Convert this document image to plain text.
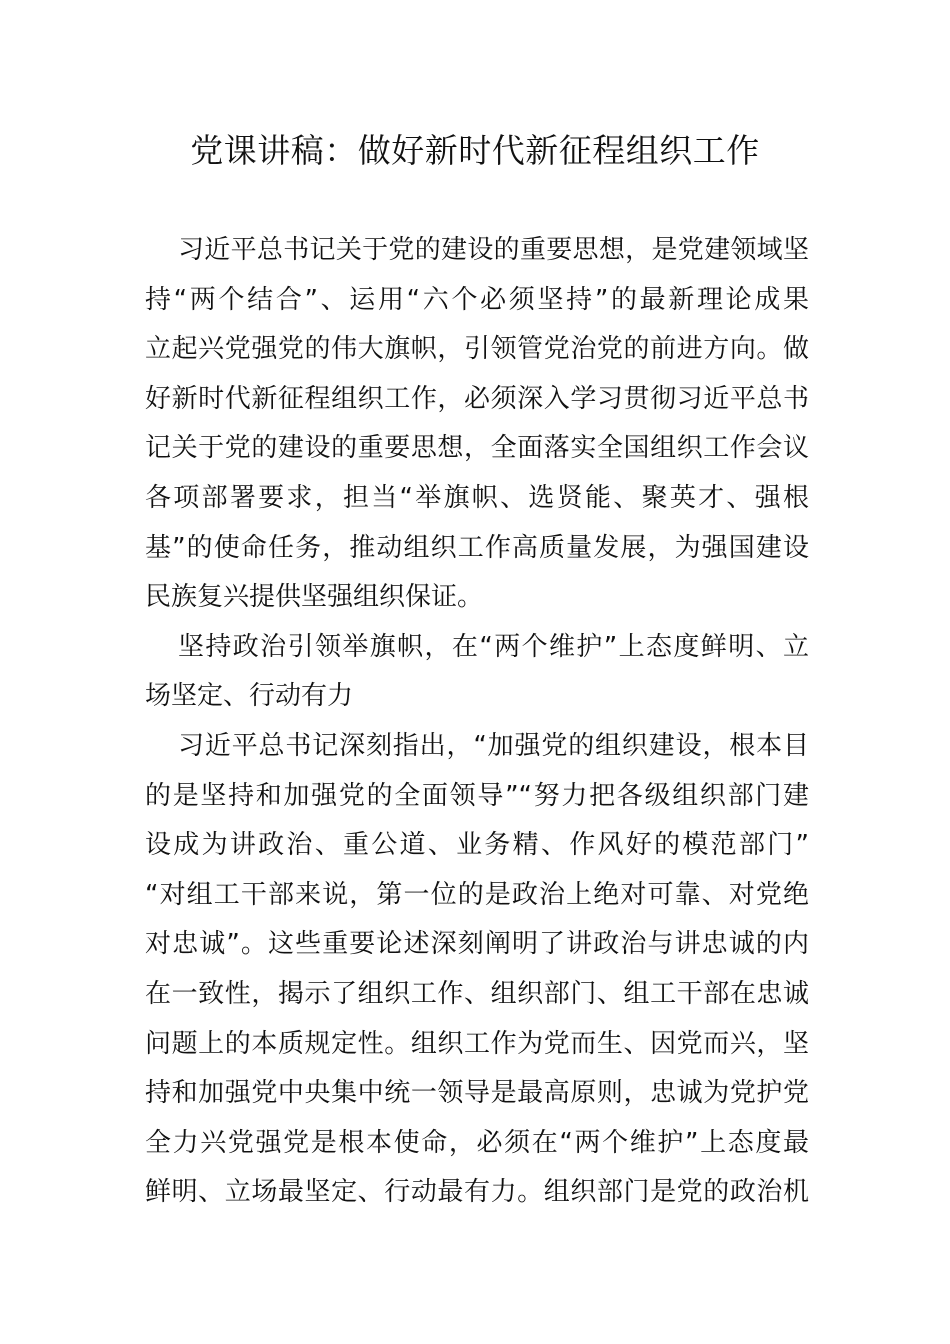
党课讲稿：做好新时代新征程组织工作

习近平总书记关于党的建设的重要思想，是党建领域坚
持“两个结合”、运用“六个必须坚持”的最新理论成果
立起兴党强党的伟大旗帜，引领管党治党的前进方向。做
好新时代新征程组织工作，必须深入学习贯彻习近平总书
记关于党的建设的重要思想，全面落实全国组织工作会议
各项部署要求，担当“举旗帜、选贤能、聚英才、强根
基”的使命任务，推动组织工作高质量发展，为强国建设
民族复兴提供坚强组织保证。

坚持政治引领举旗帜，在“两个维护”上态度鲜明、立
场坚定、行动有力

习近平总书记深刻指出，“加强党的组织建设，根本目
的是坚持和加强党的全面领导”“努力把各级组织部门建
设成为讲政治、重公道、业务精、作风好的模范部门”
“对组工干部来说，第一位的是政治上绝对可靠、对党绝
对忠诚”。这些重要论述深刻阐明了讲政治与讲忠诚的内
在一致性，揭示了组织工作、组织部门、组工干部在忠诚
问题上的本质规定性。组织工作为党而生、因党而兴，坚
持和加强党中央集中统一领导是最高原则，忠诚为党护党
全力兴党强党是根本使命，必须在“两个维护”上态度最
鲜明、立场最坚定、行动最有力。组织部门是党的政治机
